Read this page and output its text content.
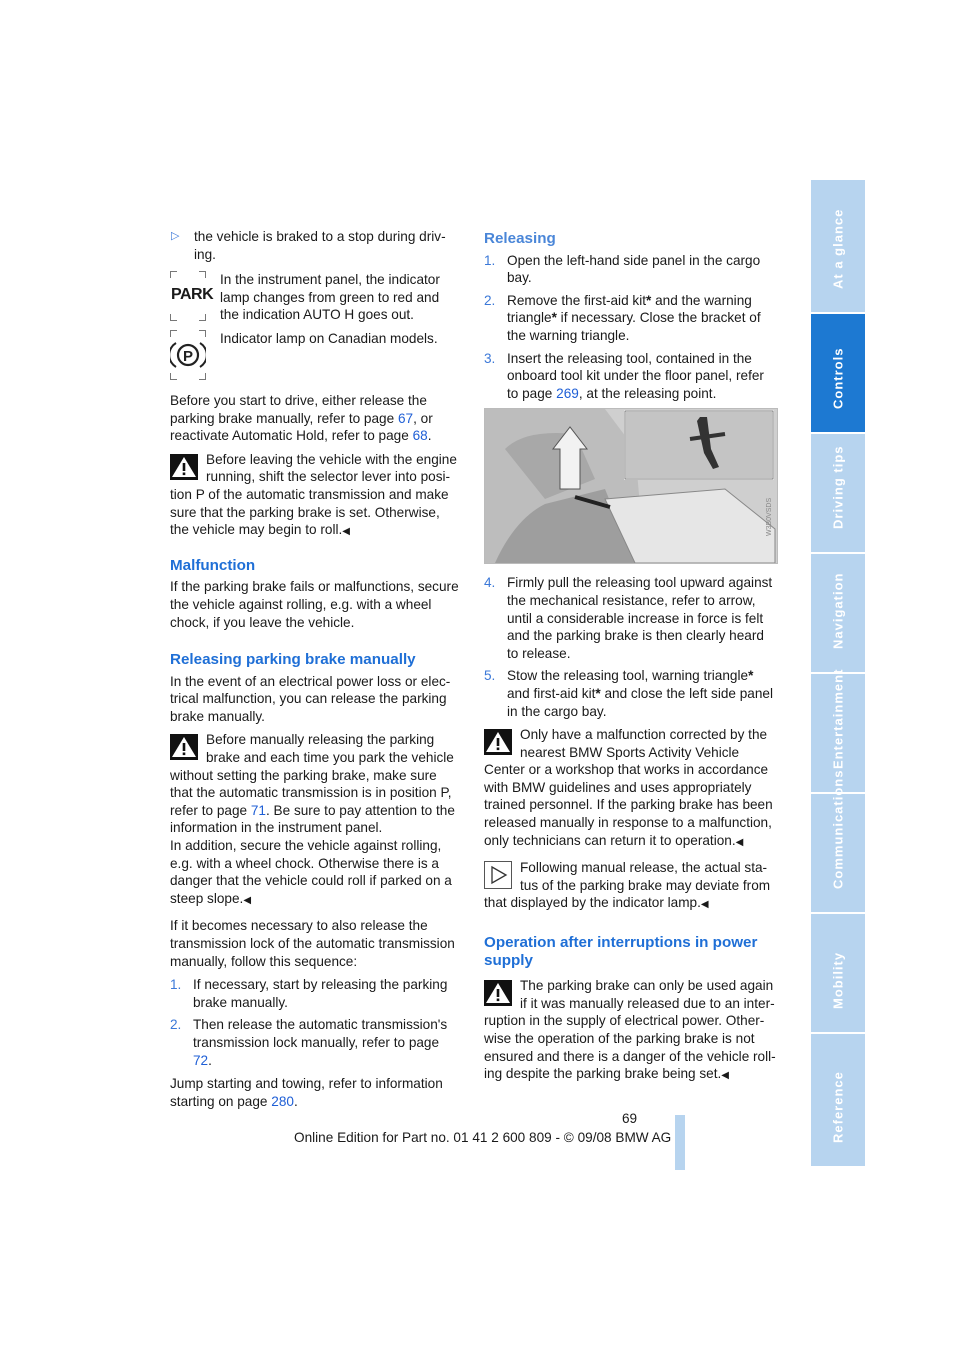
▷ the vehicle is braked to a stop during driv-ing.
PARK
In the instrument panel, the indicator lamp changes from green to red and the indication AUTO H goes out.
P
Indicator lamp on Canadian models.

Before you start to drive, either release the parking brake manually, refer to page 67, or reactivate Automatic Hold, refer to page 68.

Before leaving the vehicle with the engine running, shift the selector lever into posi-tion P of the automatic transmission and make sure that the parking brake is set. Otherwise, the vehicle may begin to roll.◀
Malfunction

If the parking brake fails or malfunctions, secure the vehicle against rolling, e.g. with a wheel chock, if you leave the vehicle.

Releasing parking brake manually

In the event of an electrical power loss or elec-trical malfunction, you can release the parking brake manually.

Before manually releasing the parking brake and each time you park the vehicle without setting the parking brake, make sure that the automatic transmission is in position P, refer to page 71. Be sure to pay attention to the information in the instrument panel.
In addition, secure the vehicle against rolling, e.g. with a wheel chock. Otherwise there is a danger that the vehicle could roll if parked on a steep slope.◀

If it becomes necessary to also release the transmission lock of the automatic transmission manually, follow this sequence:

1. If necessary, start by releasing the parking brake manually.
2. Then release the automatic transmission's transmission lock manually, refer to page 72.

Jump starting and towing, refer to information starting on page 280.

Releasing
1. Open the left-hand side panel in the cargo bay.
2. Remove the first-aid kit* and the warning triangle* if necessary. Close the bracket of the warning triangle.
3. Insert the releasing tool, contained in the onboard tool kit under the floor panel, refer to page 269, at the releasing point.
W3B0VSDS
4. Firmly pull the releasing tool upward against the mechanical resistance, refer to arrow, until a considerable increase in force is felt and the parking brake is then clearly heard to release.
5. Stow the releasing tool, warning triangle* and first-aid kit* and close the left side panel in the cargo bay.
Only have a malfunction corrected by the nearest BMW Sports Activity Vehicle Center or a workshop that works in accordance with BMW guidelines and uses appropriately trained personnel. If the parking brake has been released manually in response to a malfunction, only technicians can return it to operation.◀
Following manual release, the actual sta-tus of the parking brake may deviate from that displayed by the indicator lamp.◀
Operation after interruptions in power supply
The parking brake can only be used again if it was manually released due to an inter-ruption in the supply of electrical power. Other-wise the operation of the parking brake is not ensured and there is a danger of the vehicle roll-ing despite the parking brake being set.◀
At a glance
Controls
Driving tips
Navigation
Entertainment
Communications
Mobility
Reference
69
Online Edition for Part no. 01 41 2 600 809 - © 09/08 BMW AG
